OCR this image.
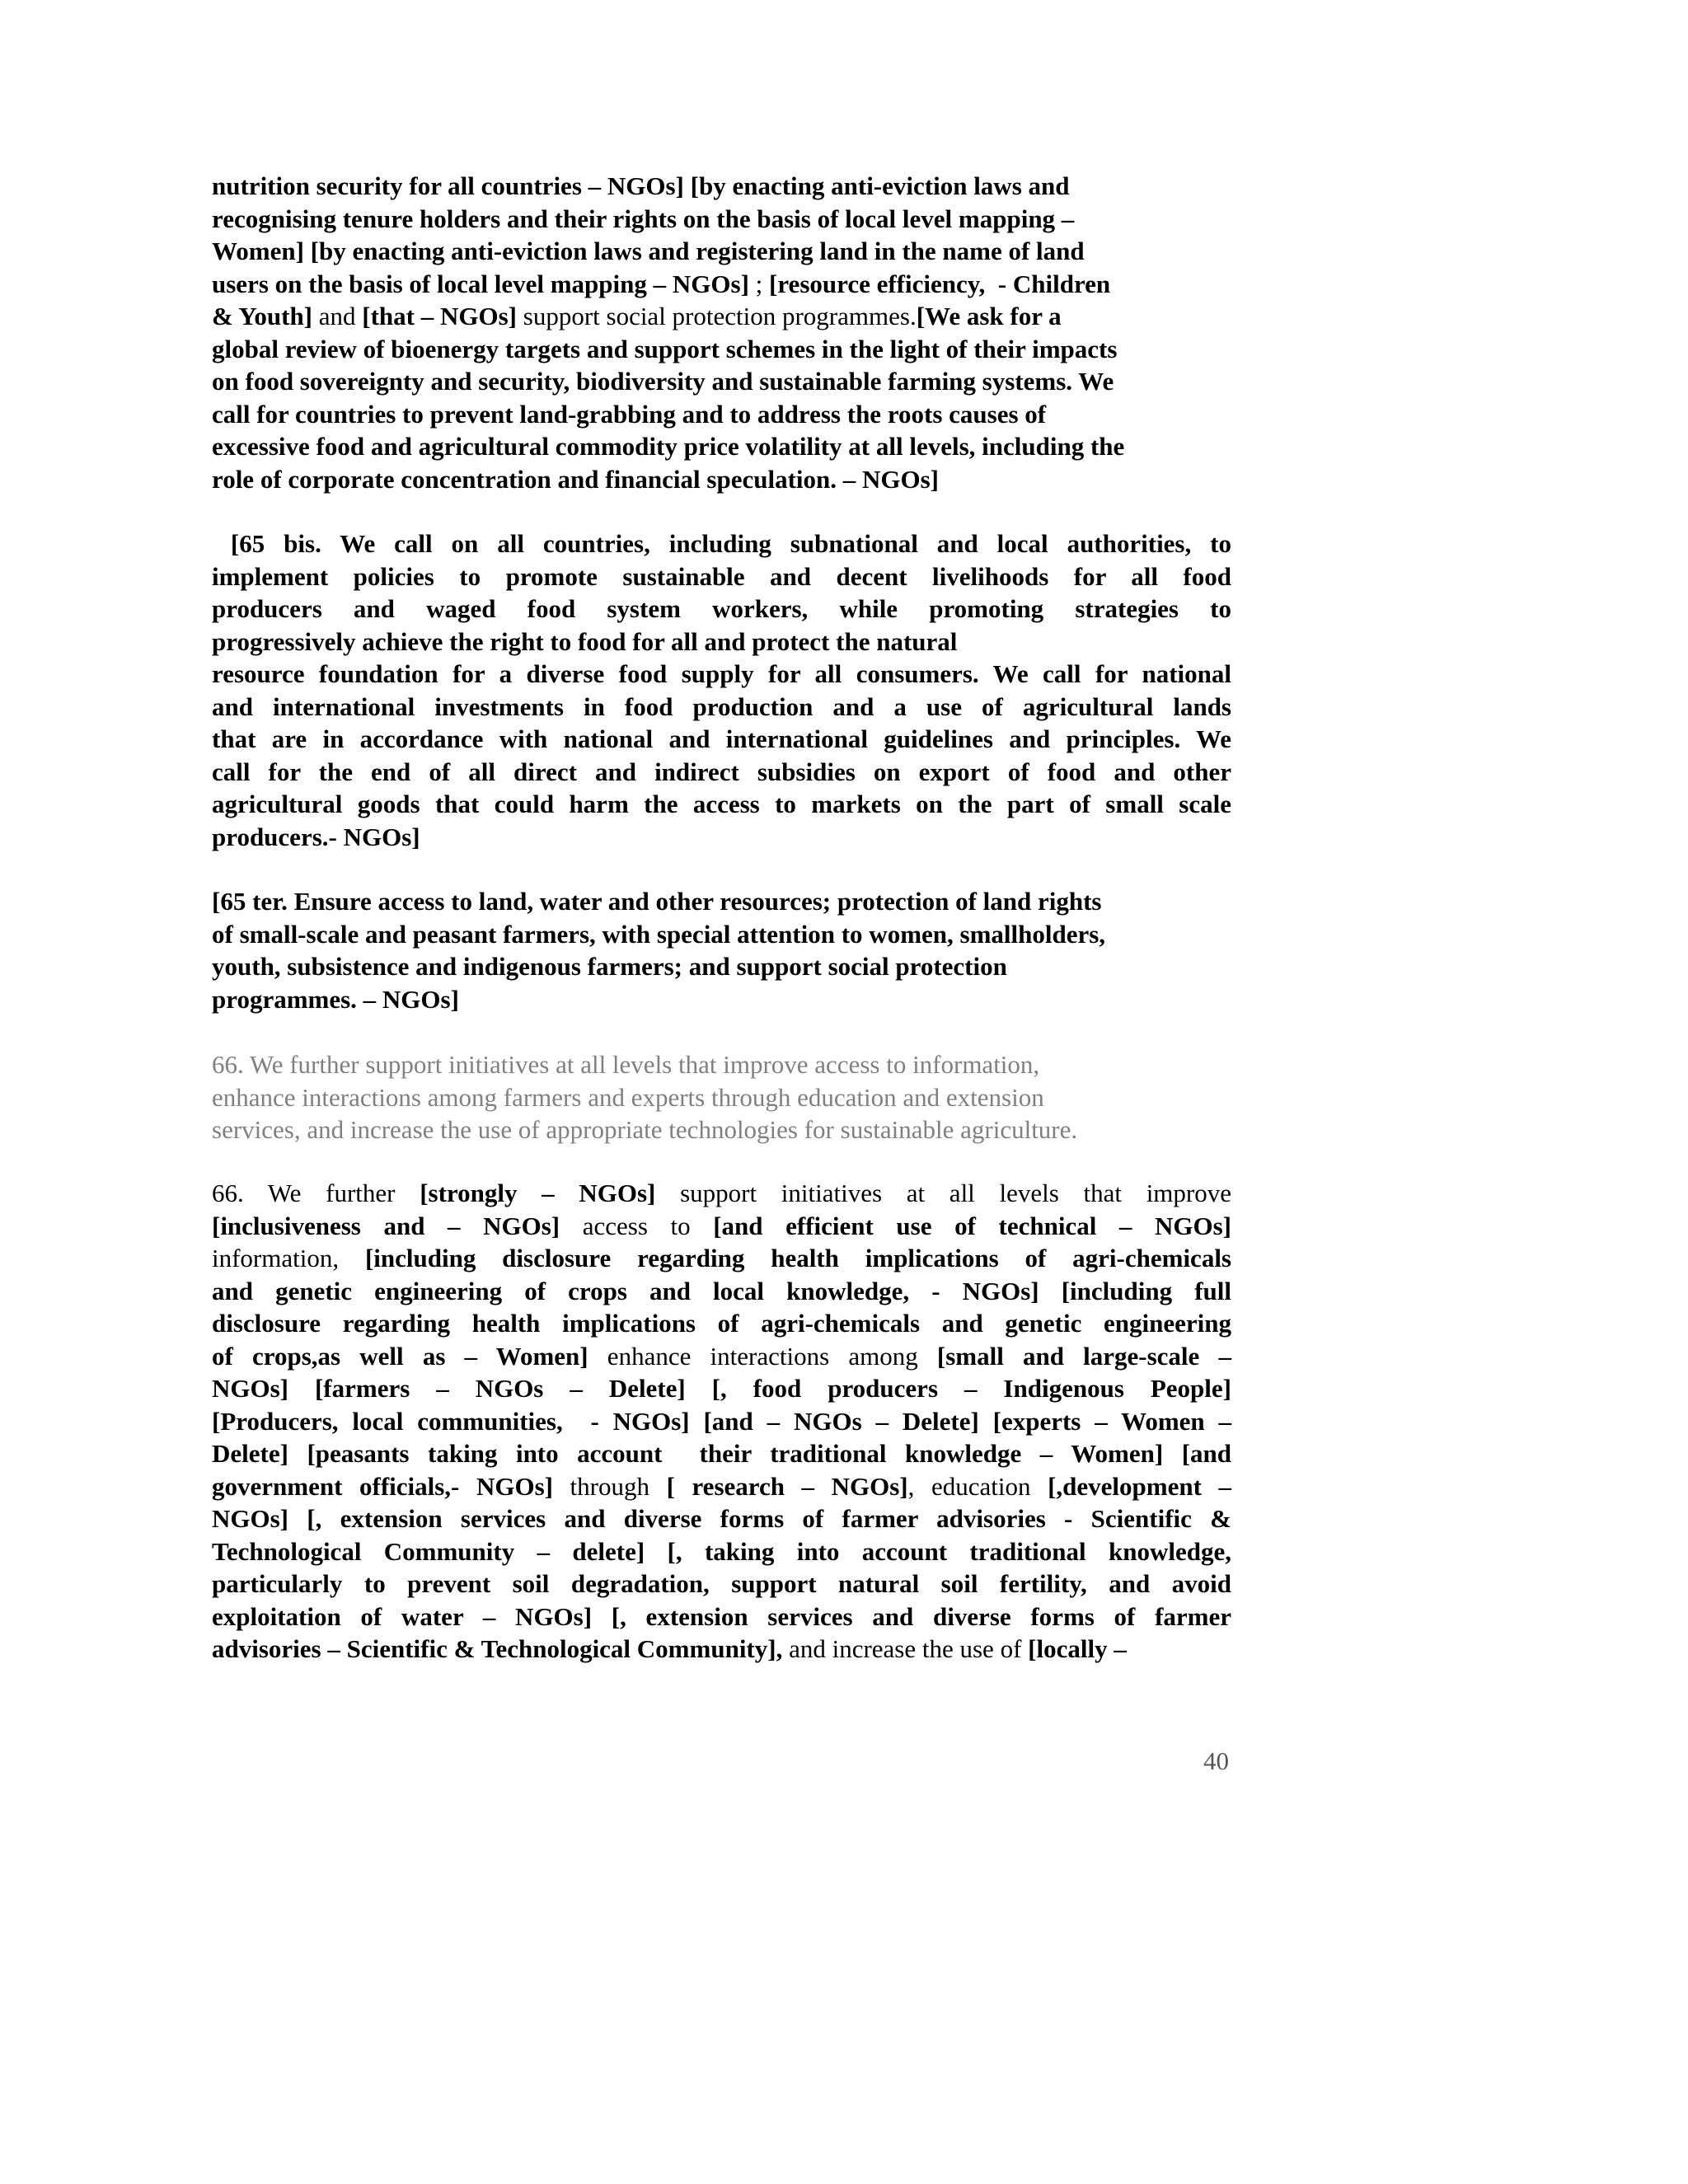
nutrition security for all countries – NGOs] [by enacting anti-eviction laws and
recognising tenure holders and their rights on the basis of local level mapping –
Women] [by enacting anti-eviction laws and registering land in the name of land
users on the basis of local level mapping – NGOs] ; [resource efficiency,  - Children
& Youth] and [that – NGOs] support social protection programmes.[We ask for a
global review of bioenergy targets and support schemes in the light of their impacts
on food sovereignty and security, biodiversity and sustainable farming systems. We
call for countries to prevent land-grabbing and to address the roots causes of
excessive food and agricultural commodity price volatility at all levels, including the
role of corporate concentration and financial speculation. – NGOs]
[65 bis. We call on all countries, including subnational and local authorities, to
implement policies to promote sustainable and decent livelihoods for all food
producers and waged food system workers, while promoting strategies to
progressively achieve the right to food for all and protect the natural
resource foundation for a diverse food supply for all consumers. We call for national
and international investments in food production and a use of agricultural lands
that are in accordance with national and international guidelines and principles. We
call for the end of all direct and indirect subsidies on export of food and other
agricultural goods that could harm the access to markets on the part of small scale
producers.- NGOs]
[65 ter. Ensure access to land, water and other resources; protection of land rights
of small-scale and peasant farmers, with special attention to women, smallholders,
youth, subsistence and indigenous farmers; and support social protection
programmes. – NGOs]
66. We further support initiatives at all levels that improve access to information,
enhance interactions among farmers and experts through education and extension
services, and increase the use of appropriate technologies for sustainable agriculture.
66. We further [strongly – NGOs] support initiatives at all levels that improve
[inclusiveness and – NGOs] access to [and efficient use of technical – NGOs]
information, [including disclosure regarding health implications of agri-chemicals
and genetic engineering of crops and local knowledge, - NGOs] [including full
disclosure regarding health implications of agri-chemicals and genetic engineering
of crops,as well as – Women] enhance interactions among [small and large-scale –
NGOs] [farmers – NGOs – Delete] [, food producers – Indigenous People]
[Producers, local communities,  - NGOs] [and – NGOs – Delete] [experts – Women –
Delete] [peasants taking into account  their traditional knowledge – Women] [and
government officials,- NGOs] through [ research – NGOs], education [,development –
NGOs] [, extension services and diverse forms of farmer advisories - Scientific &
Technological Community – delete] [, taking into account traditional knowledge,
particularly to prevent soil degradation, support natural soil fertility, and avoid
exploitation of water – NGOs] [, extension services and diverse forms of farmer
advisories – Scientific & Technological Community], and increase the use of [locally –
40
